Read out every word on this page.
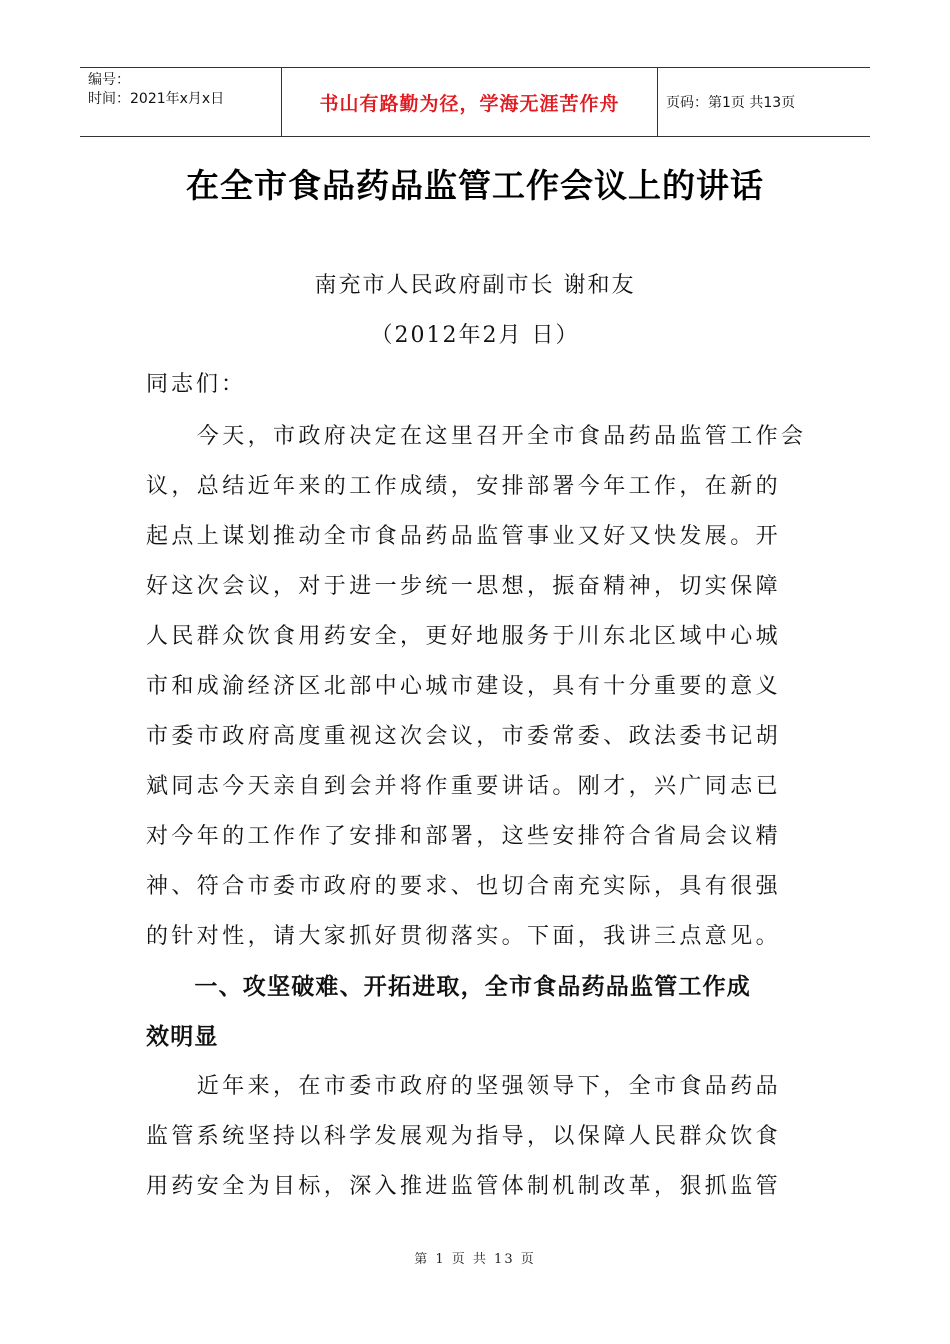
编号：
时间：2021年x月x日	书山有路勤为径，学海无涯苦作舟	页码：第1页 共13页
在全市食品药品监管工作会议上的讲话
南充市人民政府副市长 谢和友
（2012年2月 日）
同志们：
　　今天，市政府决定在这里召开全市食品药品监管工作会
议，总结近年来的工作成绩，安排部署今年工作，在新的
起点上谋划推动全市食品药品监管事业又好又快发展。开
好这次会议，对于进一步统一思想，振奋精神，切实保障
人民群众饮食用药安全，更好地服务于川东北区域中心城
市和成渝经济区北部中心城市建设，具有十分重要的意义
市委市政府高度重视这次会议，市委常委、政法委书记胡
斌同志今天亲自到会并将作重要讲话。刚才，兴广同志已
对今年的工作作了安排和部署，这些安排符合省局会议精
神、符合市委市政府的要求、也切合南充实际，具有很强
的针对性，请大家抓好贯彻落实。下面，我讲三点意见。
　　一、攻坚破难、开拓进取，全市食品药品监管工作成
效明显
　　近年来，在市委市政府的坚强领导下，全市食品药品
监管系统坚持以科学发展观为指导，以保障人民群众饮食
用药安全为目标，深入推进监管体制机制改革，狠抓监管
第 1 页 共 13 页
